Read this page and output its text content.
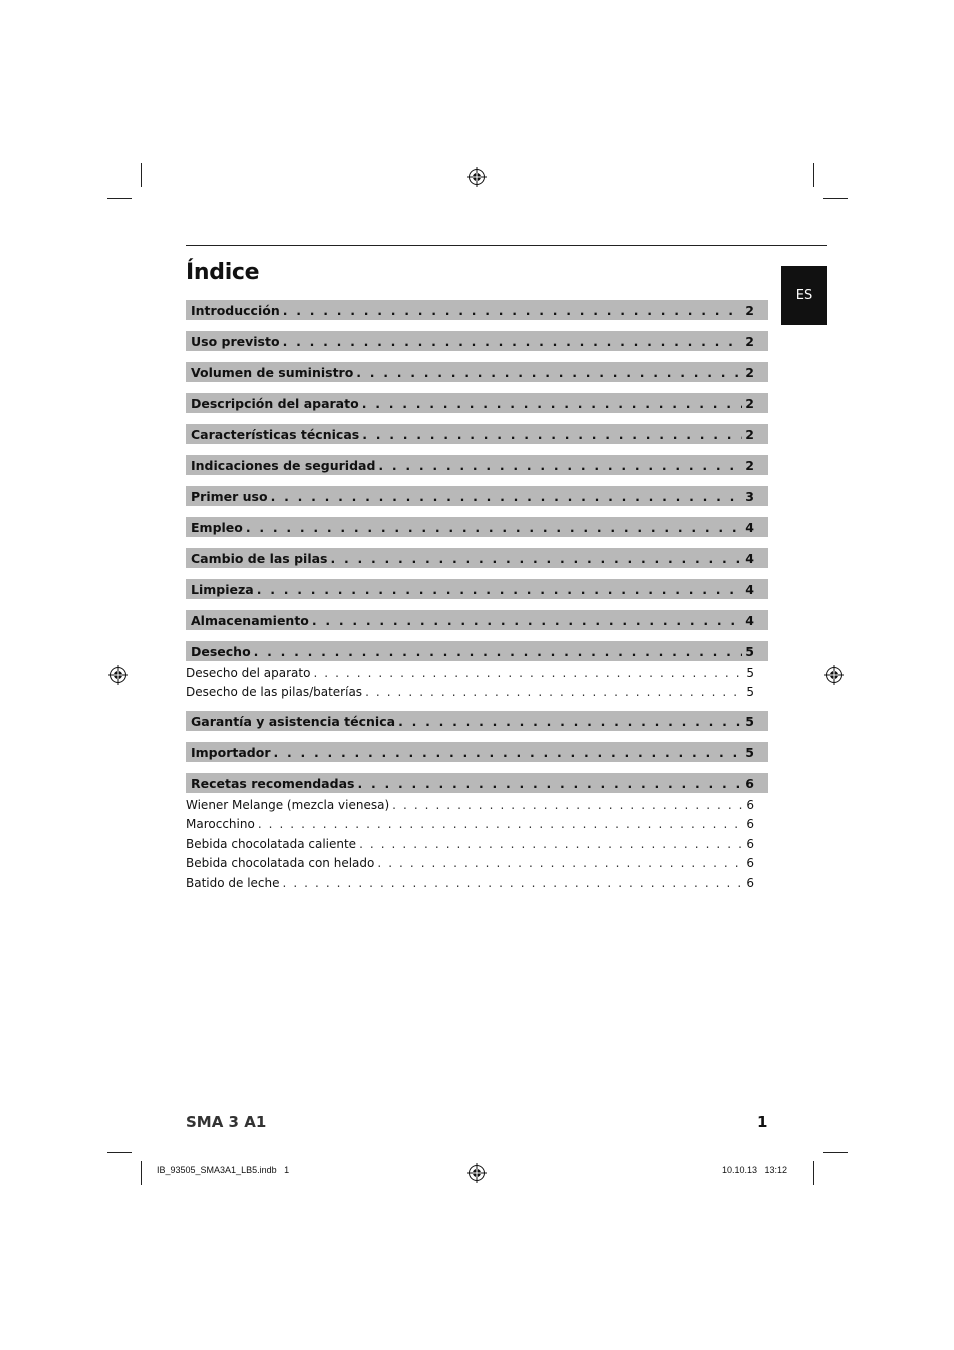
Índice
ES
Introducción . . .	2
Uso previsto . . .	2
Volumen de suministro . . .	2
Descripción del aparato . . .	2
Características técnicas . . .	2
Indicaciones de seguridad . . .	2
Primer uso . . .	3
Empleo . . .	4
Cambio de las pilas . . .	4
Limpieza . . .	4
Almacenamiento . . .	4
Desecho . . .	5
Desecho del aparato . . .	5
Desecho de las pilas/baterías . . .	5
Garantía y asistencia técnica . . .	5
Importador . . .	5
Recetas recomendadas . . .	6
Wiener Melange (mezcla vienesa) . . .	6
Marocchino . . .	6
Bebida chocolatada caliente . . .	6
Bebida chocolatada con helado . . .	6
Batido de leche . . .	6
SMA 3 A1	1
IB_93505_SMA3A1_LB5.indb   1	10.10.13   13:12
